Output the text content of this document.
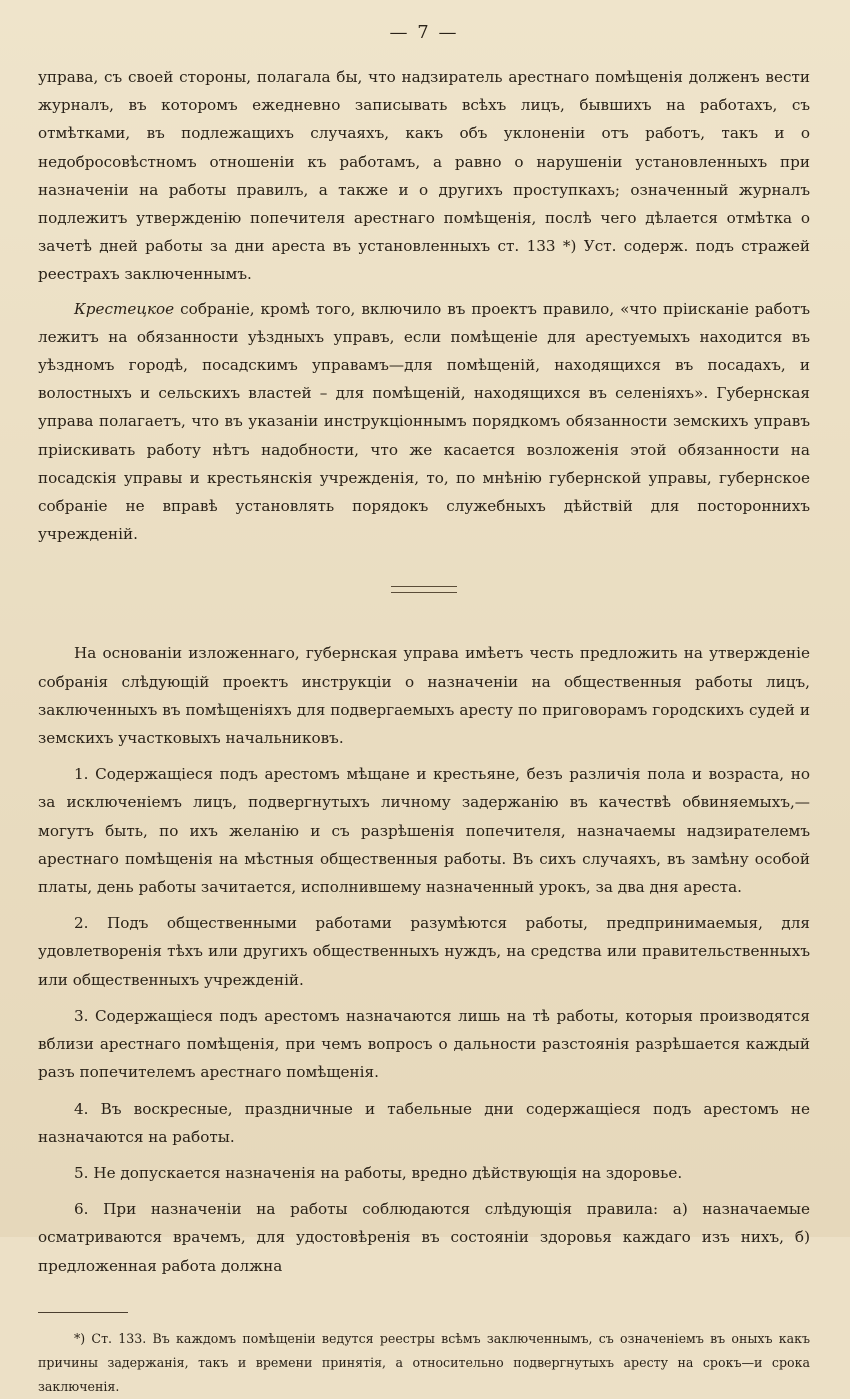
— 7 —

управа, съ своей стороны, полагала бы, что надзиратель арестнаго помѣщенія долженъ вести журналъ, въ которомъ ежедневно записывать всѣхъ лицъ, бывшихъ на работахъ, съ отмѣтками, въ подлежащихъ случаяхъ, какъ объ уклоненіи отъ работъ, такъ и о недобросовѣстномъ отношеніи къ работамъ, а равно о нарушеніи установленныхъ при назначеніи на работы правилъ, а также и о другихъ проступкахъ; означенный журналъ подлежитъ утвержденію попечителя арестнаго помѣщенія, послѣ чего дѣлается отмѣтка о зачетѣ дней работы за дни ареста въ установленныхъ ст. 133 *) Уст. содерж. подъ стражей реестрахъ заключеннымъ.

Крестецкое собраніе, кромѣ того, включило въ проектъ правило, «что пріисканіе работъ лежитъ на обязанности уѣздныхъ управъ, если помѣщеніе для арестуемыхъ находится въ уѣздномъ городѣ, посадскимъ управамъ—для помѣщеній, находящихся въ посадахъ, и волостныхъ и сельскихъ властей – для помѣщеній, находящихся въ селеніяхъ». Губернская управа полагаетъ, что въ указаніи инструкціоннымъ порядкомъ обязанности земскихъ управъ пріискивать работу нѣтъ надобности, что же касается возложенія этой обязанности на посадскія управы и крестьянскія учрежденія, то, по мнѣнію губернской управы, губернское собраніе не вправѣ установлять порядокъ служебныхъ дѣйствій для постороннихъ учрежденій.

На основаніи изложеннаго, губернская управа имѣетъ честь предложить на утвержденіе собранія слѣдующій проектъ инструкціи о назначеніи на общественныя работы лицъ, заключенныхъ въ помѣщеніяхъ для подвергаемыхъ аресту по приговорамъ городскихъ судей и земскихъ участковыхъ начальниковъ.

1. Содержащіеся подъ арестомъ мѣщане и крестьяне, безъ различія пола и возраста, но за исключеніемъ лицъ, подвергнутыхъ личному задержанію въ качествѣ обвиняемыхъ,—могутъ быть, по ихъ желанію и съ разрѣшенія попечителя, назначаемы надзирателемъ арестнаго помѣщенія на мѣстныя общественныя работы. Въ сихъ случаяхъ, въ замѣну особой платы, день работы зачитается, исполнившему назначенный урокъ, за два дня ареста.

2. Подъ общественными работами разумѣются работы, предпринимаемыя, для удовлетворенія тѣхъ или другихъ общественныхъ нуждъ, на средства или правительственныхъ или общественныхъ учрежденій.

3. Содержащіеся подъ арестомъ назначаются лишь на тѣ работы, которыя производятся вблизи арестнаго помѣщенія, при чемъ вопросъ о дальности разстоянія разрѣшается каждый разъ попечителемъ арестнаго помѣщенія.

4. Въ воскресные, праздничные и табельные дни содержащіеся подъ арестомъ не назначаются на работы.

5. Не допускается назначенія на работы, вредно дѣйствующія на здоровье.

6. При назначеніи на работы соблюдаются слѣдующія правила: а) назначаемые осматриваются врачемъ, для удостовѣренія въ состояніи здоровья каждаго изъ нихъ, б) предложенная работа должна

*) Ст. 133. Въ каждомъ помѣщеніи ведутся реестры всѣмъ заключеннымъ, съ означеніемъ въ оныхъ какъ причины задержанія, такъ и времени принятія, а относительно подвергнутыхъ аресту на срокъ—и срока заключенія.
